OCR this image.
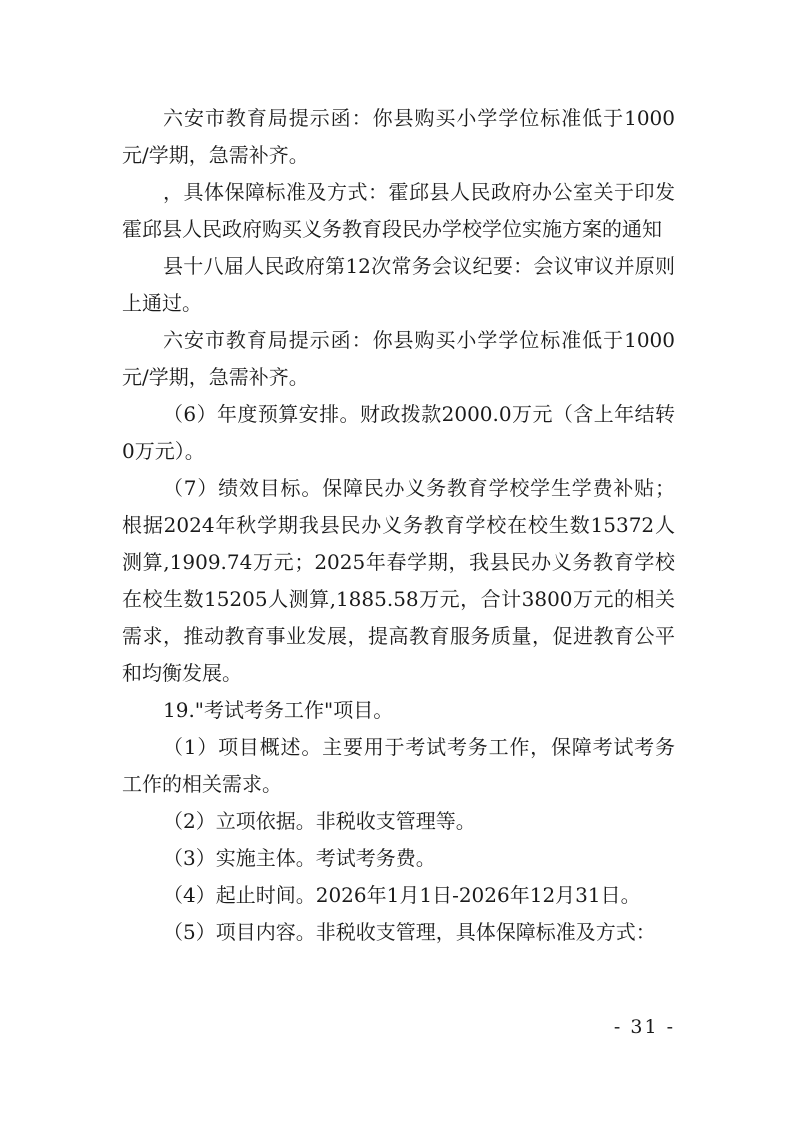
六安市教育局提示函：你县购买小学学位标准低于1000元/学期，急需补齐。

，具体保障标准及方式：霍邱县人民政府办公室关于印发霍邱县人民政府购买义务教育段民办学校学位实施方案的通知

县十八届人民政府第12次常务会议纪要：会议审议并原则上通过。

六安市教育局提示函：你县购买小学学位标准低于1000元/学期，急需补齐。

（6）年度预算安排。财政拨款2000.0万元（含上年结转0万元）。

（7）绩效目标。保障民办义务教育学校学生学费补贴；根据2024年秋学期我县民办义务教育学校在校生数15372人测算,1909.74万元；2025年春学期，我县民办义务教育学校在校生数15205人测算,1885.58万元，合计3800万元的相关需求，推动教育事业发展，提高教育服务质量，促进教育公平和均衡发展。

19."考试考务工作"项目。

（1）项目概述。主要用于考试考务工作，保障考试考务工作的相关需求。

（2）立项依据。非税收支管理等。

（3）实施主体。考试考务费。

（4）起止时间。2026年1月1日-2026年12月31日。

（5）项目内容。非税收支管理，具体保障标准及方式：

- 31 -
